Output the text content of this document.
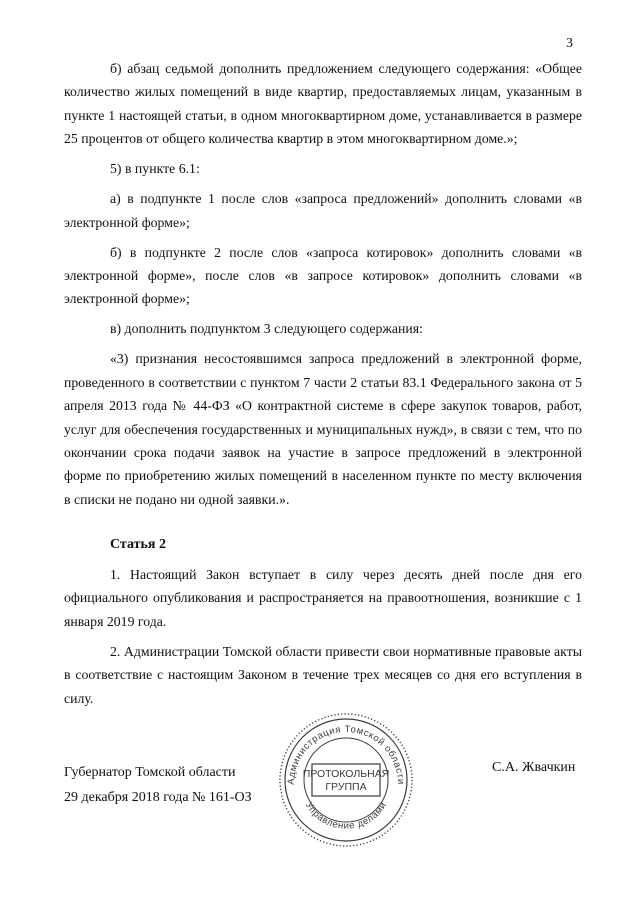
3

б) абзац седьмой дополнить предложением следующего содержания: «Общее количество жилых помещений в виде квартир, предоставляемых лицам, указанным в пункте 1 настоящей статьи, в одном многоквартирном доме, устанавливается в размере 25 процентов от общего количества квартир в этом многоквартирном доме.»;

5) в пункте 6.1:

а) в подпункте 1 после слов «запроса предложений» дополнить словами «в электронной форме»;

б) в подпункте 2 после слов «запроса котировок» дополнить словами «в электронной форме», после слов «в запросе котировок» дополнить словами «в электронной форме»;

в) дополнить подпунктом 3 следующего содержания:

«3) признания несостоявшимся запроса предложений в электронной форме, проведенного в соответствии с пунктом 7 части 2 статьи 83.1 Федерального закона от 5 апреля 2013 года № 44-ФЗ «О контрактной системе в сфере закупок товаров, работ, услуг для обеспечения государственных и муниципальных нужд», в связи с тем, что по окончании срока подачи заявок на участие в запросе предложений в электронной форме по приобретению жилых помещений в населенном пункте по месту включения в списки не подано ни одной заявки.».

Статья 2

1. Настоящий Закон вступает в силу через десять дней после дня его официального опубликования и распространяется на правоотношения, возникшие с 1 января 2019 года.

2. Администрации Томской области привести свои нормативные правовые акты в соответствие с настоящим Законом в течение трех месяцев со дня его вступления в силу.

Губернатор Томской области
29 декабря 2018 года № 161-ОЗ
С.А. Жвачкин
Администрация Томской области
Управление делами
ПРОТОКОЛЬНАЯ
ГРУППА
